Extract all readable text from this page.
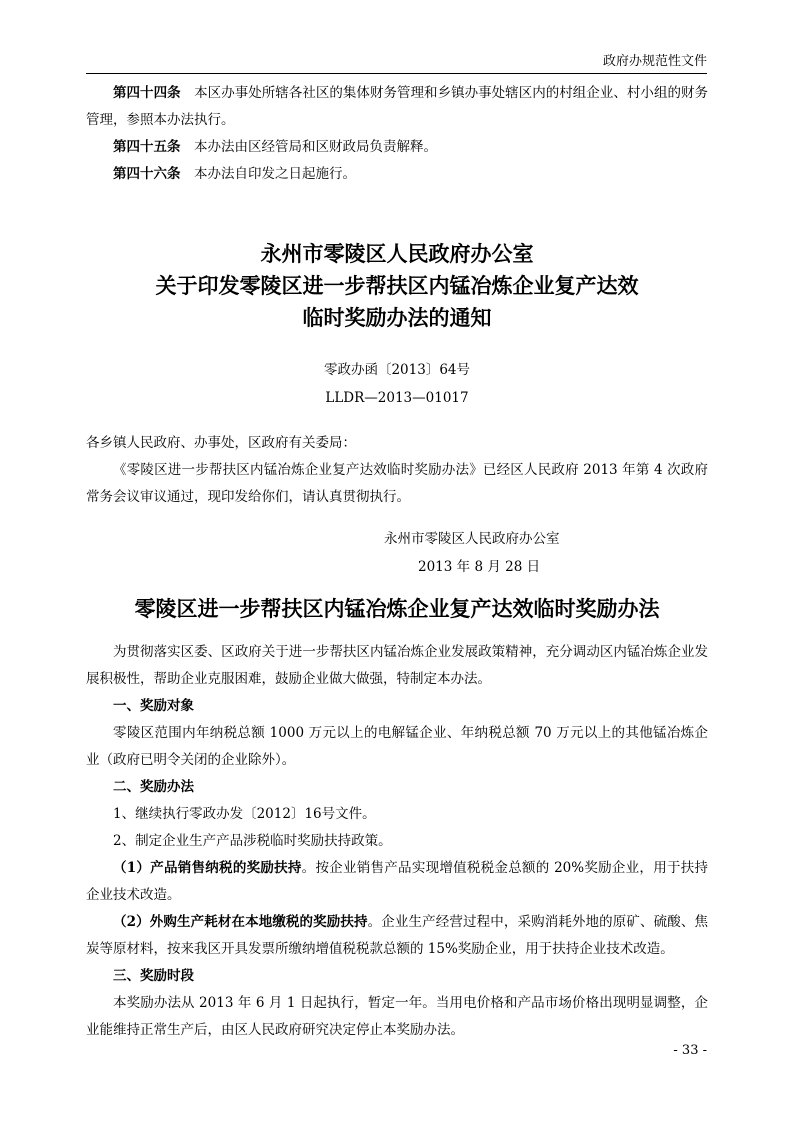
政府办规范性文件

第四十四条　本区办事处所辖各社区的集体财务管理和乡镇办事处辖区内的村组企业、村小组的财务管理，参照本办法执行。

第四十五条　本办法由区经管局和区财政局负责解释。

第四十六条　本办法自印发之日起施行。

永州市零陵区人民政府办公室

关于印发零陵区进一步帮扶区内锰冶炼企业复产达效

临时奖励办法的通知

零政办函〔2013〕64号

LLDR—2013—01017

各乡镇人民政府、办事处，区政府有关委局：

《零陵区进一步帮扶区内锰冶炼企业复产达效临时奖励办法》已经区人民政府 2013 年第 4 次政府常务会议审议通过，现印发给你们，请认真贯彻执行。

永州市零陵区人民政府办公室

2013 年 8 月 28 日

零陵区进一步帮扶区内锰冶炼企业复产达效临时奖励办法

为贯彻落实区委、区政府关于进一步帮扶区内锰冶炼企业发展政策精神，充分调动区内锰冶炼企业发展积极性，帮助企业克服困难，鼓励企业做大做强，特制定本办法。

一、奖励对象

零陵区范围内年纳税总额 1000 万元以上的电解锰企业、年纳税总额 70 万元以上的其他锰冶炼企业（政府已明令关闭的企业除外）。

二、奖励办法

1、继续执行零政办发〔2012〕16号文件。

2、制定企业生产产品涉税临时奖励扶持政策。

（1）产品销售纳税的奖励扶持。按企业销售产品实现增值税税金总额的 20%奖励企业，用于扶持企业技术改造。

（2）外购生产耗材在本地缴税的奖励扶持。企业生产经营过程中，采购消耗外地的原矿、硫酸、焦炭等原材料，按来我区开具发票所缴纳增值税税款总额的 15%奖励企业，用于扶持企业技术改造。

三、奖励时段

本奖励办法从 2013 年 6 月 1 日起执行，暂定一年。当用电价格和产品市场价格出现明显调整，企业能维持正常生产后，由区人民政府研究决定停止本奖励办法。

- 33 -
